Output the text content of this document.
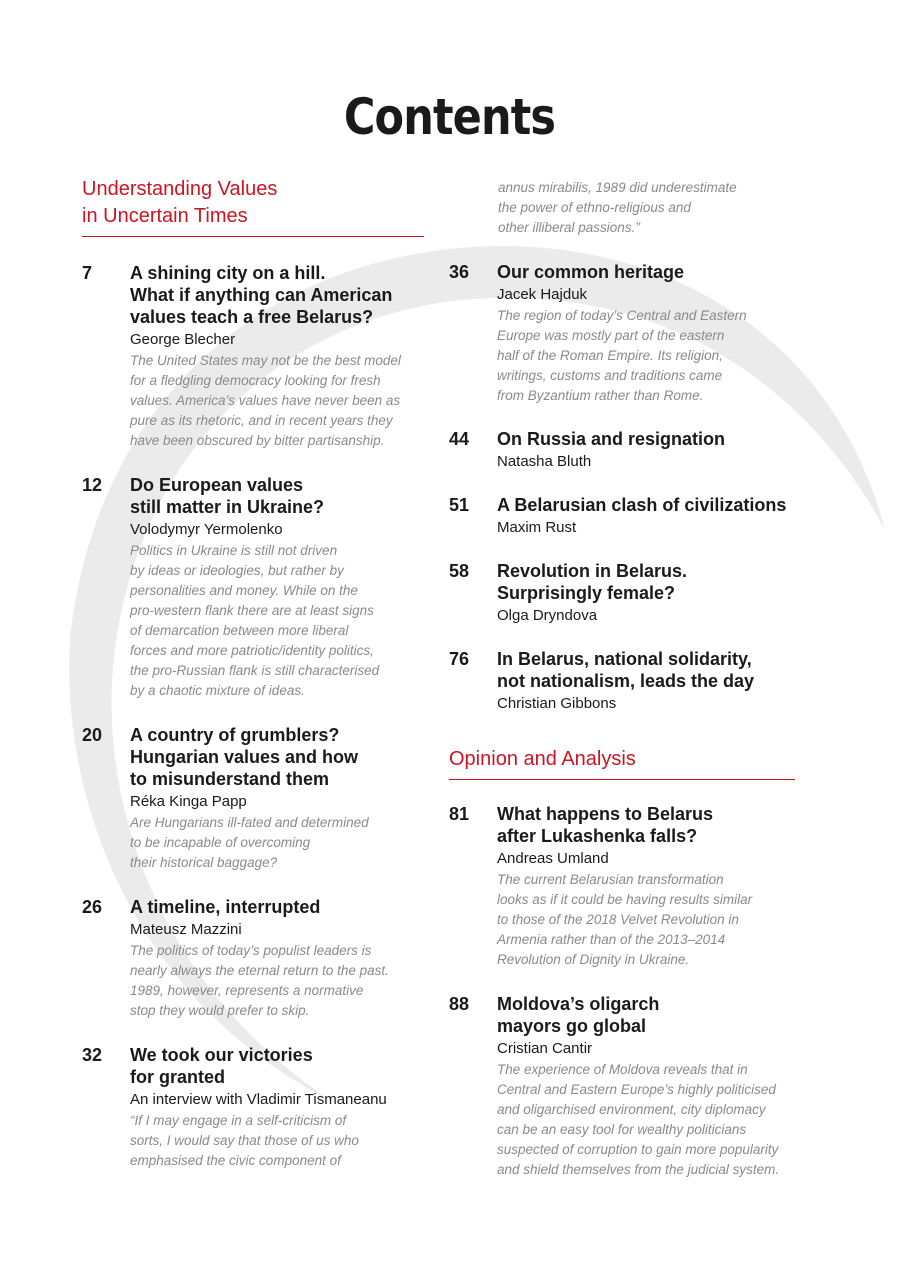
Contents
Understanding Values
in Uncertain Times
7 A shining city on a hill.
What if anything can American
values teach a free Belarus?
George Blecher
The United States may not be the best model
for a fledgling democracy looking for fresh
values. America’s values have never been as
pure as its rhetoric, and in recent years they
have been obscured by bitter partisanship.
12 Do European values
still matter in Ukraine?
Volodymyr Yermolenko
Politics in Ukraine is still not driven
by ideas or ideologies, but rather by
personalities and money. While on the
pro-western flank there are at least signs
of demarcation between more liberal
forces and more patriotic/identity politics,
the pro-Russian flank is still characterised
by a chaotic mixture of ideas.
20 A country of grumblers?
Hungarian values and how
to misunderstand them
Réka Kinga Papp
Are Hungarians ill-fated and determined
to be incapable of overcoming
their historical baggage?
26 A timeline, interrupted
Mateusz Mazzini
The politics of today’s populist leaders is
nearly always the eternal return to the past.
1989, however, represents a normative
stop they would prefer to skip.
32 We took our victories
for granted
An interview with Vladimir Tismaneanu
“If I may engage in a self-criticism of
sorts, I would say that those of us who
emphasised the civic component of
annus mirabilis, 1989 did underestimate
the power of ethno-religious and
other illiberal passions.”
36 Our common heritage
Jacek Hajduk
The region of today’s Central and Eastern
Europe was mostly part of the eastern
half of the Roman Empire. Its religion,
writings, customs and traditions came
from Byzantium rather than Rome.
44 On Russia and resignation
Natasha Bluth
51 A Belarusian clash of civilizations
Maxim Rust
58 Revolution in Belarus.
Surprisingly female?
Olga Dryndova
76 In Belarus, national solidarity,
not nationalism, leads the day
Christian Gibbons
Opinion and Analysis
81 What happens to Belarus
after Lukashenka falls?
Andreas Umland
The current Belarusian transformation
looks as if it could be having results similar
to those of the 2018 Velvet Revolution in
Armenia rather than of the 2013–2014
Revolution of Dignity in Ukraine.
88 Moldova’s oligarch
mayors go global
Cristian Cantir
The experience of Moldova reveals that in
Central and Eastern Europe’s highly politicised
and oligarchised environment, city diplomacy
can be an easy tool for wealthy politicians
suspected of corruption to gain more popularity
and shield themselves from the judicial system.
